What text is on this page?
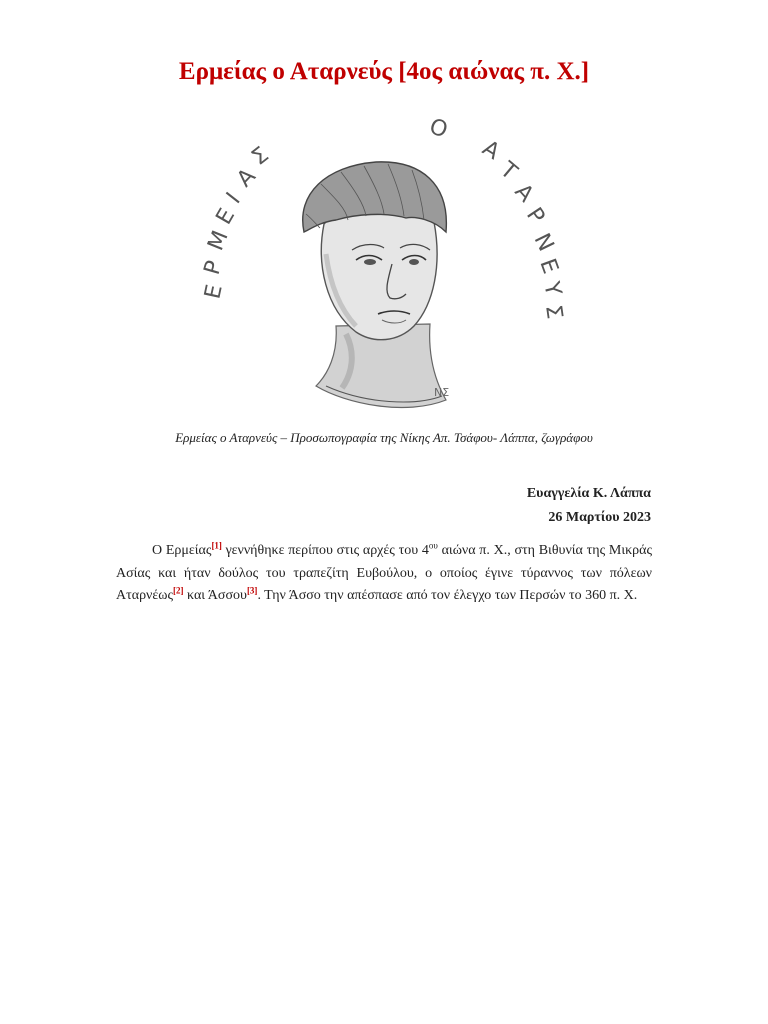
Ερμείας ο Αταρνεύς [4ος αιώνας π. Χ.]
Ε
Ρ
Μ
Ε
Ι
Α
Σ
Ο
Α
Τ
Α
Ρ
Ν
Ε
Υ
Σ
ΝΣ
Ερμείας ο Αταρνεύς – Προσωπογραφία της Νίκης Απ. Τσάφου- Λάππα, ζωγράφου
Ευαγγελία Κ. Λάππα
26 Μαρτίου 2023

Ο Ερμείας[1] γεννήθηκε περίπου στις αρχές του $4^{o\upsilon}$ αιώνα π. Χ., στη Βιθυνία της Μικράς Ασίας και ήταν δούλος του τραπεζίτη Ευβούλου, ο οποίος έγινε τύραννος των πόλεων Αταρνέως[2] και Άσσου[3]. Την Άσσο την απέσπασε από τον έλεγχο των Περσών το 360 π. Χ.
